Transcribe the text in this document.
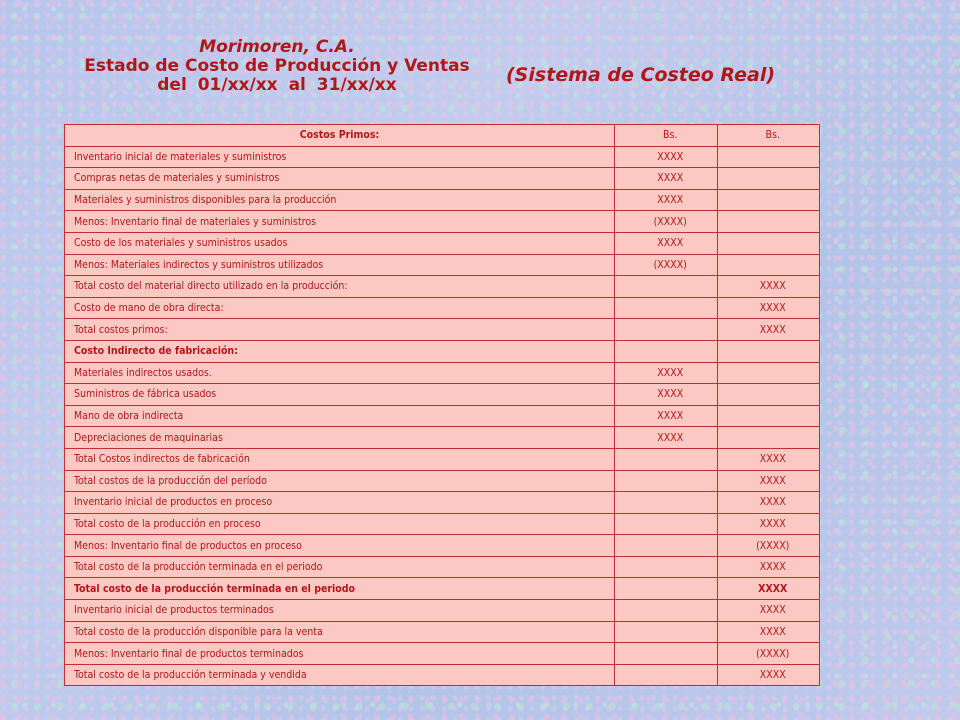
Morimoren, C.A.
Estado de Costo de Producción y Ventas
del 01/xx/xx al 31/xx/xx	(Sistema de Costeo Real)
Costos Primos:	Bs.	Bs.
Inventario inicial de materiales y suministros	XXXX	
Compras netas de materiales y suministros	XXXX	
Materiales y suministros disponibles para la producción	XXXX	
Menos: Inventario final de materiales y suministros	(XXXX)	
Costo de los materiales y suministros usados	XXXX	
Menos: Materiales indirectos y suministros utilizados	(XXXX)	
Total costo del material directo utilizado en la producción:		XXXX
Costo de mano de obra directa:		XXXX
Total costos primos:		XXXX
Costo Indirecto de fabricación:		
Materiales indirectos usados.	XXXX	
Suministros de fábrica usados	XXXX	
Mano de obra indirecta	XXXX	
Depreciaciones de maquinarias	XXXX	
Total Costos indirectos de fabricación		XXXX
Total costos de la producción del período		XXXX
Inventario inicial de productos en proceso		XXXX
Total costo de la producción en proceso		XXXX
Menos: Inventario final de productos en proceso		(XXXX)
Total costo de la producción terminada en el periodo		XXXX
Total costo de la producción terminada en el periodo		XXXX
Inventario inicial de productos terminados		XXXX
Total costo de la producción disponible para la venta		XXXX
Menos: Inventario final de productos terminados		(XXXX)
Total costo de la producción terminada y vendida		XXXX
